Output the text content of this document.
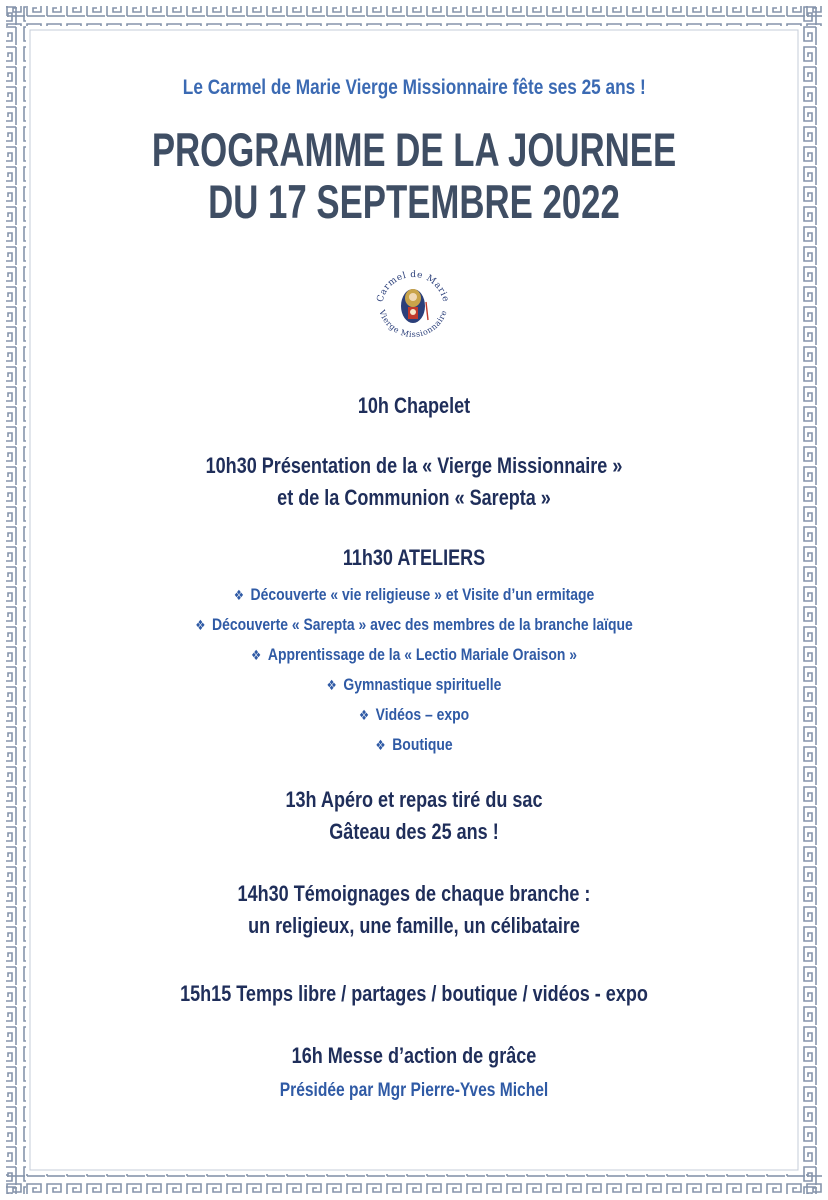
Le Carmel de Marie Vierge Missionnaire fête ses 25 ans !
PROGRAMME DE LA JOURNEE
DU 17 SEPTEMBRE 2022
Carmel de Marie
Vierge Missionnaire
10h Chapelet
10h30 Présentation de la « Vierge Missionnaire »
et de la Communion « Sarepta »
11h30 ATELIERS
❖ Découverte « vie religieuse » et Visite d’un ermitage
❖ Découverte « Sarepta » avec des membres de la branche laïque
❖ Apprentissage de la « Lectio Mariale Oraison »
❖ Gymnastique spirituelle
❖ Vidéos – expo
❖ Boutique
13h Apéro et repas tiré du sac
Gâteau des 25 ans !
14h30 Témoignages de chaque branche :
un religieux, une famille, un célibataire
15h15 Temps libre / partages / boutique / vidéos - expo
16h Messe d’action de grâce
Présidée par Mgr Pierre-Yves Michel
